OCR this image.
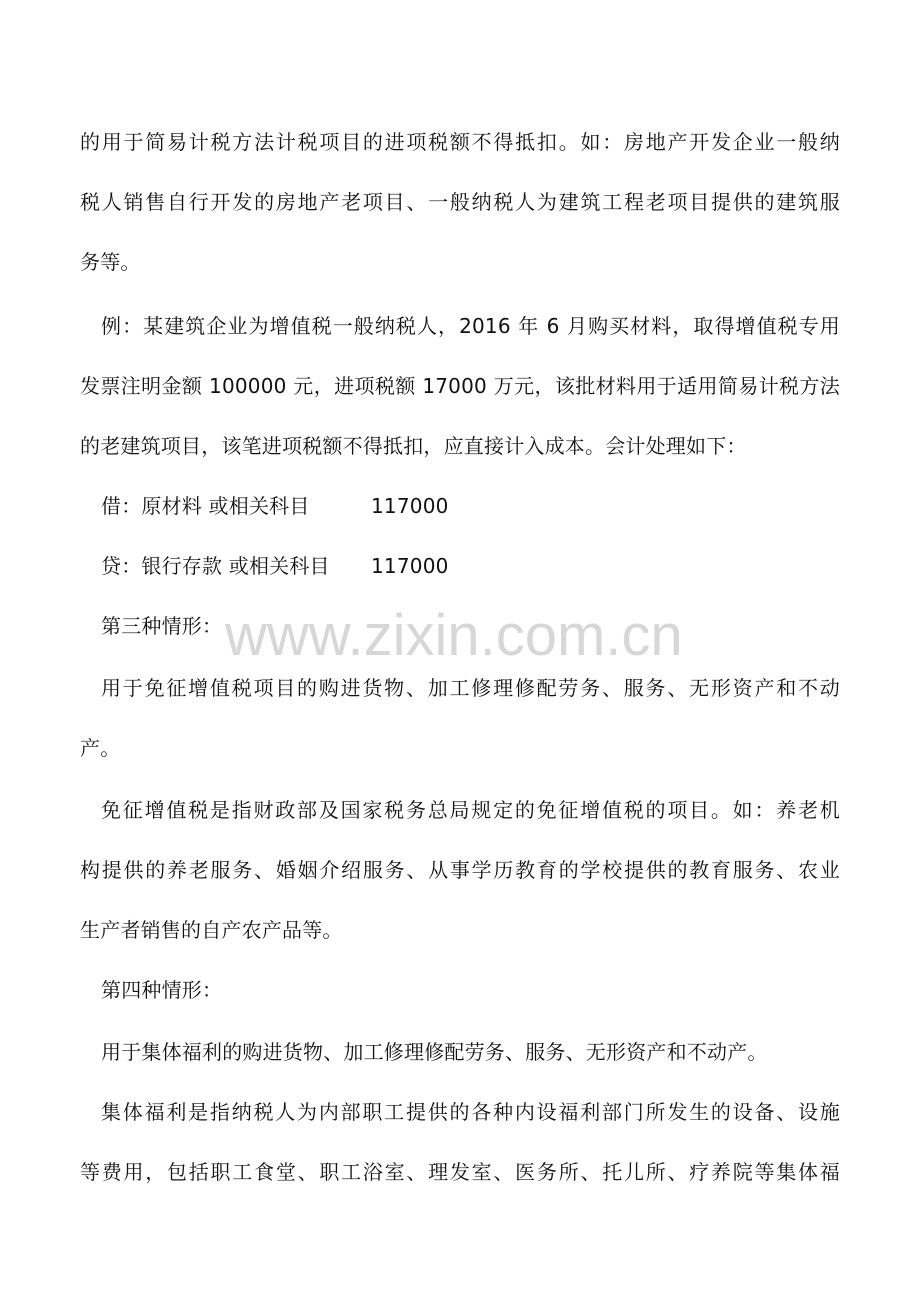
的用于简易计税方法计税项目的进项税额不得抵扣。如：房地产开发企业一般纳
税人销售自行开发的房地产老项目、一般纳税人为建筑工程老项目提供的建筑服
务等。
例：某建筑企业为增值税一般纳税人，2016 年 6 月购买材料，取得增值税专用
发票注明金额 100000 元，进项税额 17000 万元，该批材料用于适用简易计税方法
的老建筑项目，该笔进项税额不得抵扣，应直接计入成本。会计处理如下：
借：原材料 或相关科目	117000
贷：银行存款 或相关科目 117000
第三种情形：
用于免征增值税项目的购进货物、加工修理修配劳务、服务、无形资产和不动
产。
免征增值税是指财政部及国家税务总局规定的免征增值税的项目。如：养老机
构提供的养老服务、婚姻介绍服务、从事学历教育的学校提供的教育服务、农业
生产者销售的自产农产品等。
第四种情形：
用于集体福利的购进货物、加工修理修配劳务、服务、无形资产和不动产。
集体福利是指纳税人为内部职工提供的各种内设福利部门所发生的设备、设施
等费用，包括职工食堂、职工浴室、理发室、医务所、托儿所、疗养院等集体福
www.zixin.com.cn
